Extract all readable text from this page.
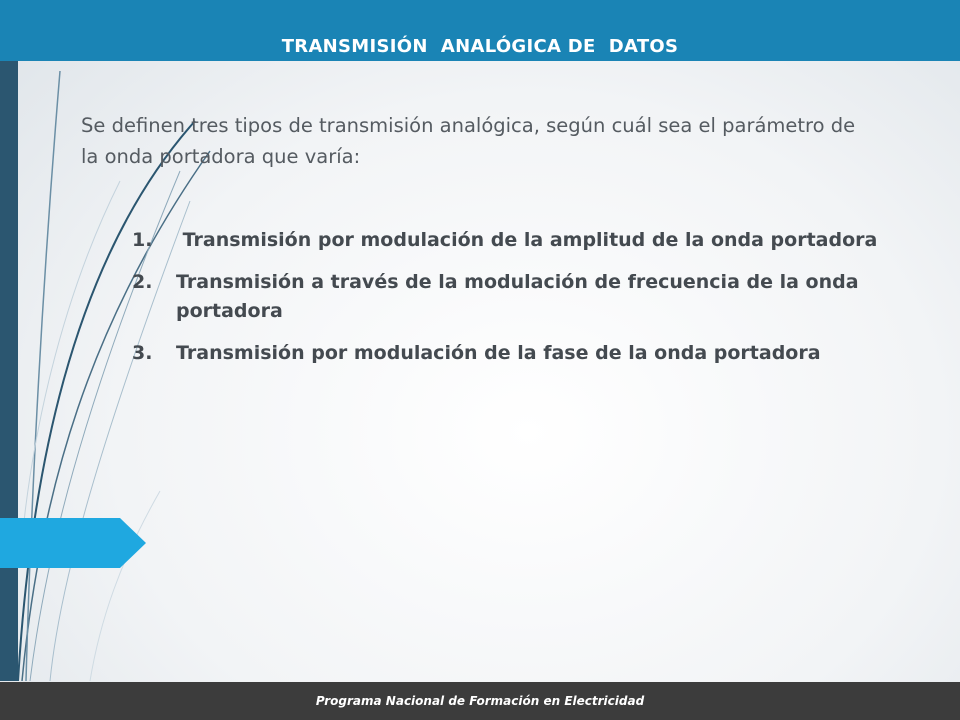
TRANSMISIÓN  ANALÓGICA DE  DATOS

Se definen tres tipos de transmisión analógica, según cuál sea el parámetro de la onda portadora que varía:

1.	Transmisión por modulación de la amplitud de la onda portadora
2.	Transmisión a través de la modulación de frecuencia de la onda portadora
3.	Transmisión por modulación de la fase de la onda portadora
Programa Nacional de Formación en Electricidad
